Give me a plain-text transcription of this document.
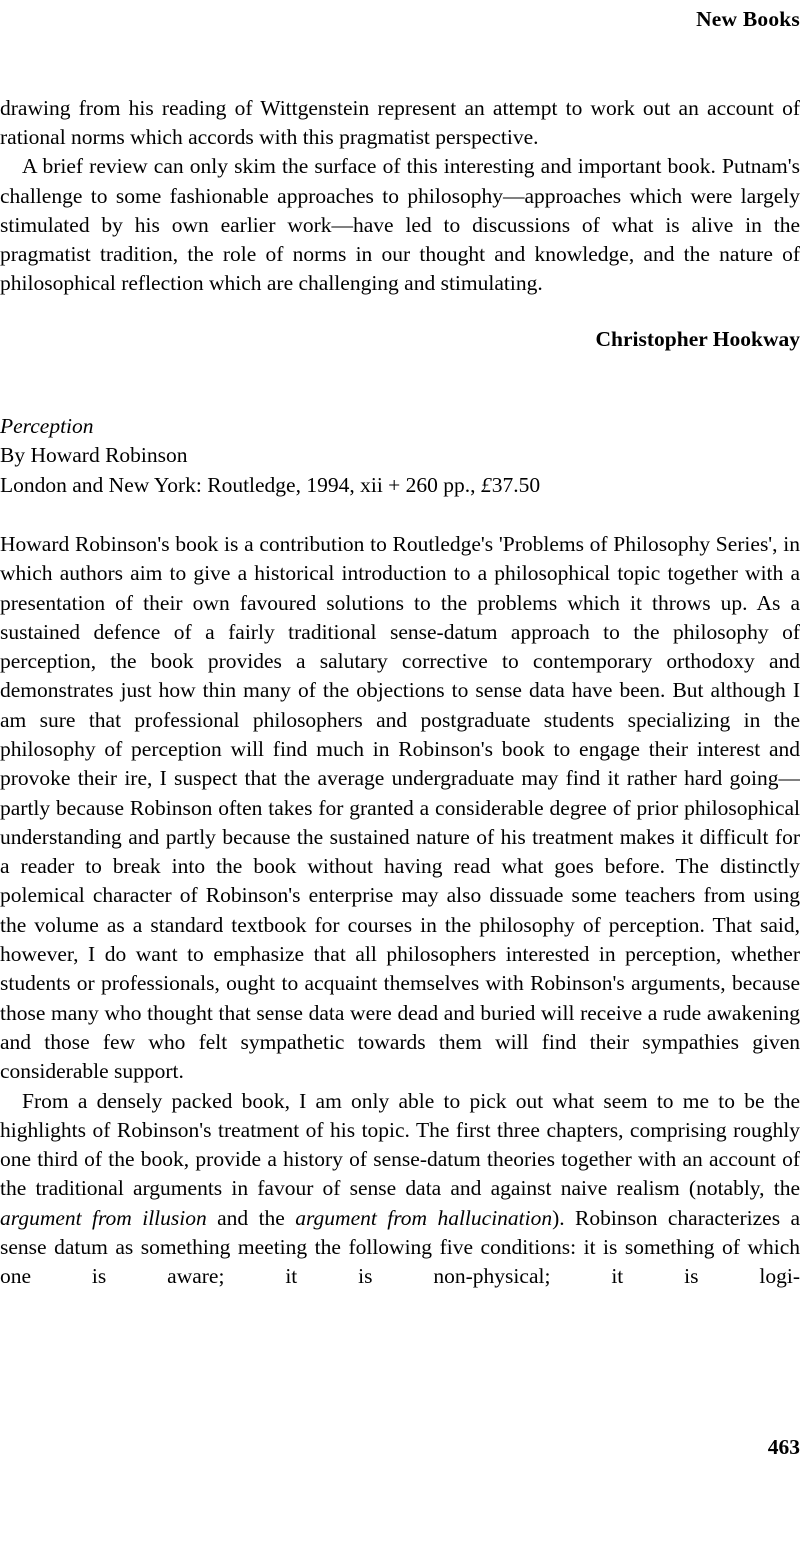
New Books

drawing from his reading of Wittgenstein represent an attempt to work out an account of rational norms which accords with this pragmatist perspective.

A brief review can only skim the surface of this interesting and important book. Putnam's challenge to some fashionable approaches to philosophy—approaches which were largely stimulated by his own earlier work—have led to discussions of what is alive in the pragmatist tradition, the role of norms in our thought and knowledge, and the nature of philosophical reflection which are challenging and stimulating.

Christopher Hookway
Perception
By Howard Robinson
London and New York: Routledge, 1994, xii + 260 pp., £37.50

Howard Robinson's book is a contribution to Routledge's 'Problems of Philosophy Series', in which authors aim to give a historical introduction to a philosophical topic together with a presentation of their own favoured solutions to the problems which it throws up. As a sustained defence of a fairly traditional sense-datum approach to the philosophy of perception, the book provides a salutary corrective to contemporary orthodoxy and demonstrates just how thin many of the objections to sense data have been. But although I am sure that professional philosophers and postgraduate students specializing in the philosophy of perception will find much in Robinson's book to engage their interest and provoke their ire, I suspect that the average undergraduate may find it rather hard going—partly because Robinson often takes for granted a considerable degree of prior philosophical understanding and partly because the sustained nature of his treatment makes it difficult for a reader to break into the book without having read what goes before. The distinctly polemical character of Robinson's enterprise may also dissuade some teachers from using the volume as a standard textbook for courses in the philosophy of perception. That said, however, I do want to emphasize that all philosophers interested in perception, whether students or professionals, ought to acquaint themselves with Robinson's arguments, because those many who thought that sense data were dead and buried will receive a rude awakening and those few who felt sympathetic towards them will find their sympathies given considerable support.

From a densely packed book, I am only able to pick out what seem to me to be the highlights of Robinson's treatment of his topic. The first three chapters, comprising roughly one third of the book, provide a history of sense-datum theories together with an account of the traditional arguments in favour of sense data and against naive realism (notably, the argument from illusion and the argument from hallucination). Robinson characterizes a sense datum as something meeting the following five conditions: it is something of which one is aware; it is non-physical; it is logi-

463
